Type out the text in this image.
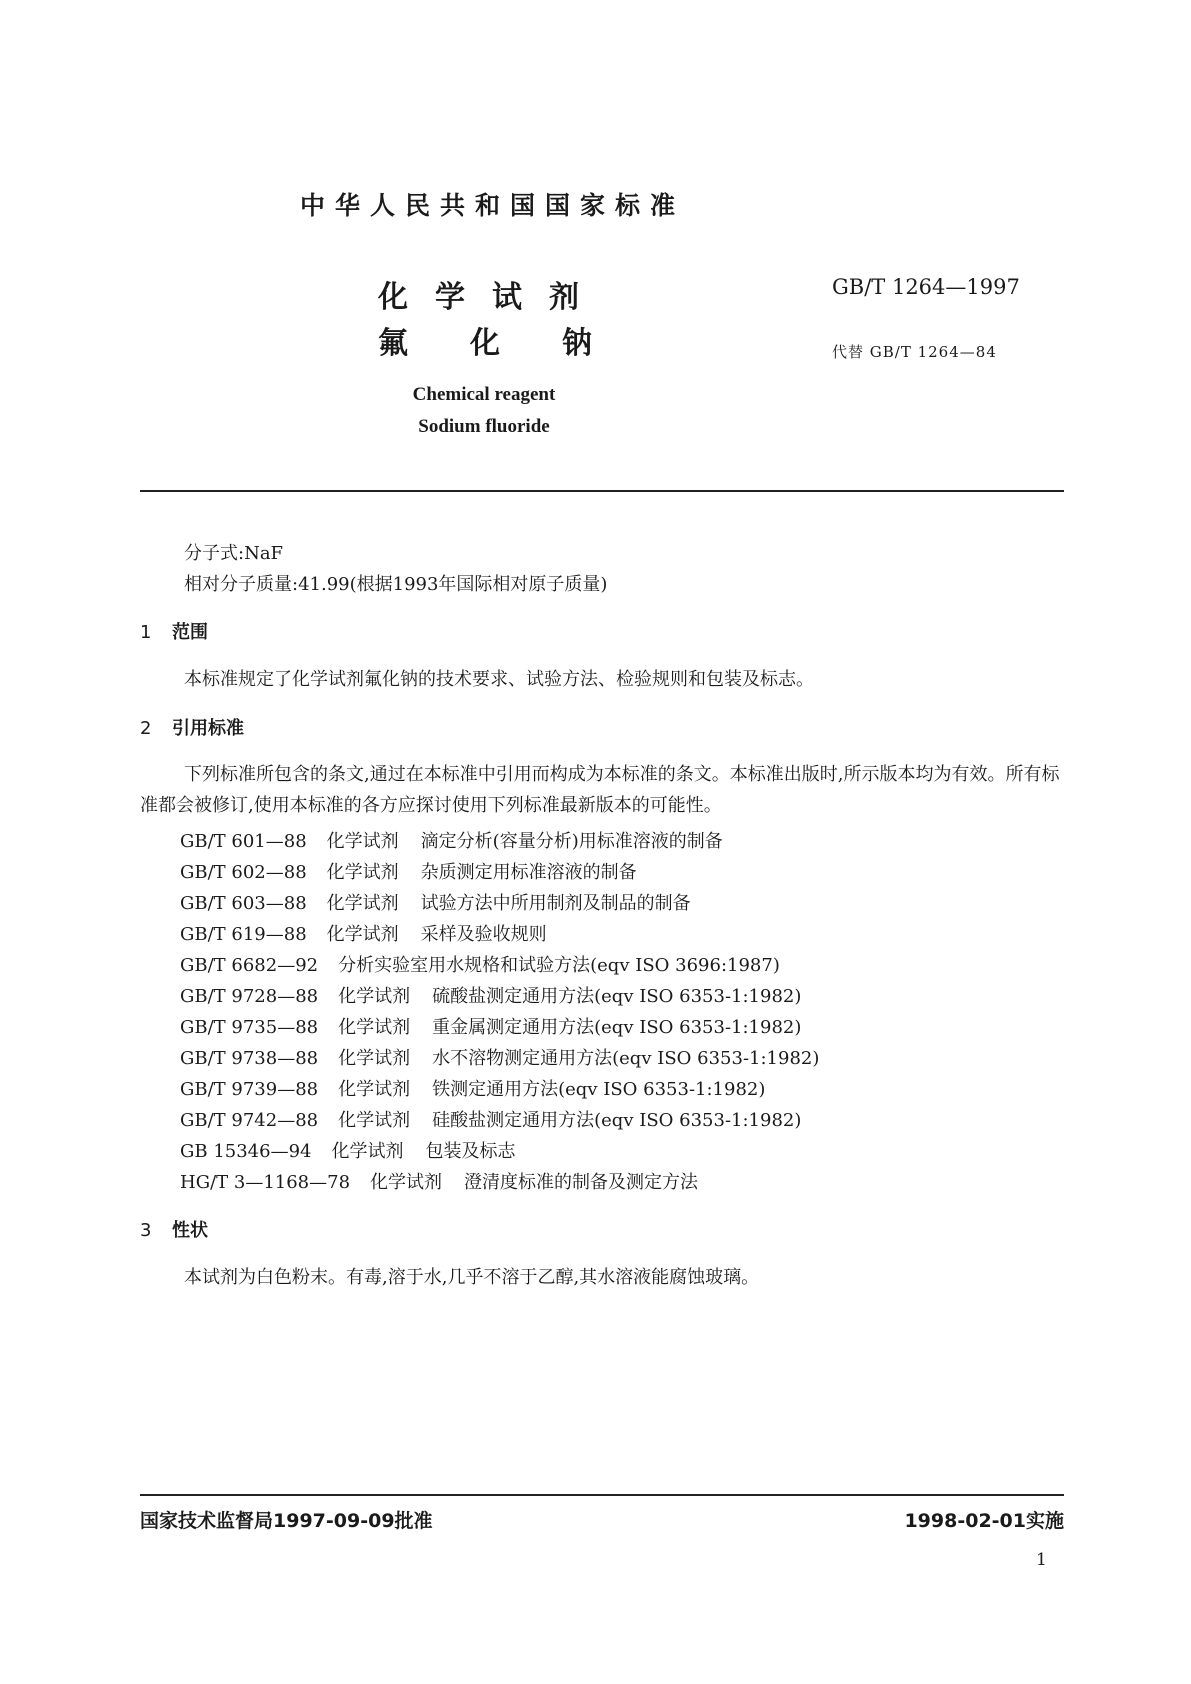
中华人民共和国国家标准
化学试剂
氟化钠
GB/T 1264—1997
代替 GB/T 1264—84
Chemical reagent
Sodium fluoride
分子式:NaF
相对分子质量:41.99(根据1993年国际相对原子质量)
1 范围
本标准规定了化学试剂氟化钠的技术要求、试验方法、检验规则和包装及标志。
2 引用标准
下列标准所包含的条文,通过在本标准中引用而构成为本标准的条文。本标准出版时,所示版本均为有效。所有标准都会被修订,使用本标准的各方应探讨使用下列标准最新版本的可能性。
GB/T 601—88 化学试剂 滴定分析(容量分析)用标准溶液的制备
GB/T 602—88 化学试剂 杂质测定用标准溶液的制备
GB/T 603—88 化学试剂 试验方法中所用制剂及制品的制备
GB/T 619—88 化学试剂 采样及验收规则
GB/T 6682—92 分析实验室用水规格和试验方法(eqv ISO 3696:1987)
GB/T 9728—88 化学试剂 硫酸盐测定通用方法(eqv ISO 6353-1:1982)
GB/T 9735—88 化学试剂 重金属测定通用方法(eqv ISO 6353-1:1982)
GB/T 9738—88 化学试剂 水不溶物测定通用方法(eqv ISO 6353-1:1982)
GB/T 9739—88 化学试剂 铁测定通用方法(eqv ISO 6353-1:1982)
GB/T 9742—88 化学试剂 硅酸盐测定通用方法(eqv ISO 6353-1:1982)
GB 15346—94 化学试剂 包装及标志
HG/T 3—1168—78 化学试剂 澄清度标准的制备及测定方法
3 性状
本试剂为白色粉末。有毒,溶于水,几乎不溶于乙醇,其水溶液能腐蚀玻璃。
国家技术监督局1997-09-09批准	1998-02-01实施
1
